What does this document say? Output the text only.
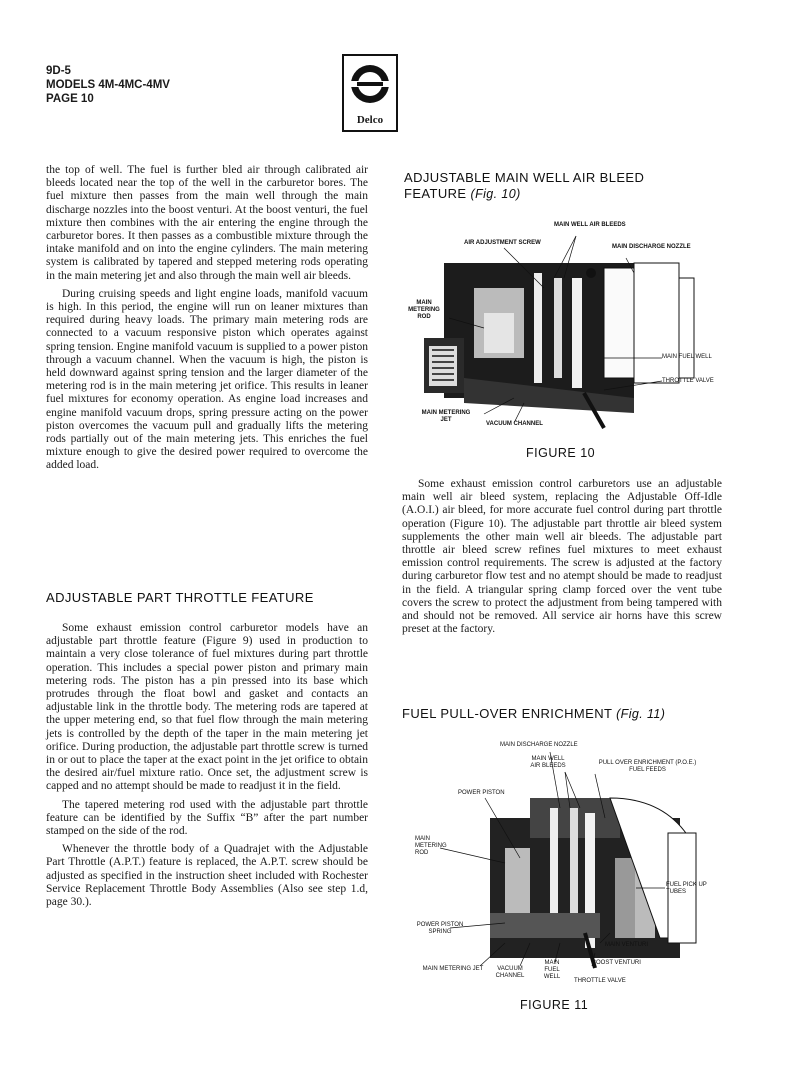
9D-5
MODELS 4M-4MC-4MV
PAGE 10
Delco

the top of well. The fuel is further bled air through calibrated air bleeds located near the top of the well in the carburetor bores. The fuel mixture then passes from the main well through the main discharge nozzles into the boost venturi. At the boost venturi, the fuel mixture then combines with the air entering the engine through the carburetor bores. It then passes as a combustible mixture through the intake manifold and on into the engine cylinders. The main metering system is calibrated by tapered and stepped metering rods operating in the main metering jet and also through the main well air bleeds.

During cruising speeds and light engine loads, manifold vacuum is high. In this period, the engine will run on leaner mixtures than required during heavy loads. The primary main metering rods are connected to a vacuum responsive piston which operates against spring tension. Engine manifold vacuum is supplied to a power piston through a vacuum channel. When the vacuum is high, the piston is held downward against spring tension and the larger diameter of the metering rod is in the main metering jet orifice. This results in leaner fuel mixtures for economy operation. As engine load increases and engine manifold vacuum drops, spring pressure acting on the power piston overcomes the vacuum pull and gradually lifts the metering rods partially out of the main metering jets. This enriches the fuel mixture enough to give the desired power required to overcome the added load.

ADJUSTABLE PART THROTTLE FEATURE

Some exhaust emission control carburetor models have an adjustable part throttle feature (Figure 9) used in production to maintain a very close tolerance of fuel mixtures during part throttle operation. This includes a special power piston and primary main metering rods. The piston has a pin pressed into its base which protrudes through the float bowl and gasket and contacts an adjustable link in the throttle body. The metering rods are tapered at the upper metering end, so that fuel flow through the main metering jets is controlled by the depth of the taper in the main metering jet orifice. During production, the adjustable part throttle screw is turned in or out to place the taper at the exact point in the jet orifice to obtain the desired air/fuel mixture ratio. Once set, the adjustment screw is capped and no attempt should be made to readjust it in the field.

The tapered metering rod used with the adjustable part throttle feature can be identified by the Suffix “B” after the part number stamped on the side of the rod.

Whenever the throttle body of a Quadrajet with the Adjustable Part Throttle (A.P.T.) feature is replaced, the A.P.T. screw should be adjusted as specified in the instruction sheet included with Rochester Service Replacement Throttle Body Assemblies (Also see step 1.d, page 30.).

ADJUSTABLE MAIN WELL AIR BLEED
FEATURE (Fig. 10)
MAIN WELL AIR BLEEDS
AIR ADJUSTMENT SCREW
MAIN DISCHARGE NOZZLE
MAIN METERING ROD
MAIN FUEL WELL
THROTTLE VALVE
MAIN METERING JET
VACUUM CHANNEL
FIGURE 10

Some exhaust emission control carburetors use an adjustable main well air bleed system, replacing the Adjustable Off-Idle (A.O.I.) air bleed, for more accurate fuel control during part throttle operation (Figure 10). The adjustable part throttle air bleed system supplements the other main well air bleeds. The adjustable part throttle air bleed screw refines fuel mixtures to meet exhaust emission control requirements. The screw is adjusted at the factory during carburetor flow test and no atempt should be made to readjust in the field. A triangular spring clamp forced over the vent tube covers the screw to protect the adjustment from being tampered with and should not be removed. All service air horns have this screw preset at the factory.

FUEL PULL-OVER ENRICHMENT (Fig. 11)
MAIN DISCHARGE NOZZLE
MAIN WELL AIR BLEEDS	PULL OVER ENRICHMENT (P.O.E.) FUEL FEEDS
POWER PISTON
MAIN METERING ROD
FUEL PICK UP TUBES
POWER PISTON SPRING
MAIN VENTURI
MAIN METERING JET	VACUUM CHANNEL
MAIN FUEL WELL
BOOST VENTURI
THROTTLE VALVE
FIGURE 11
